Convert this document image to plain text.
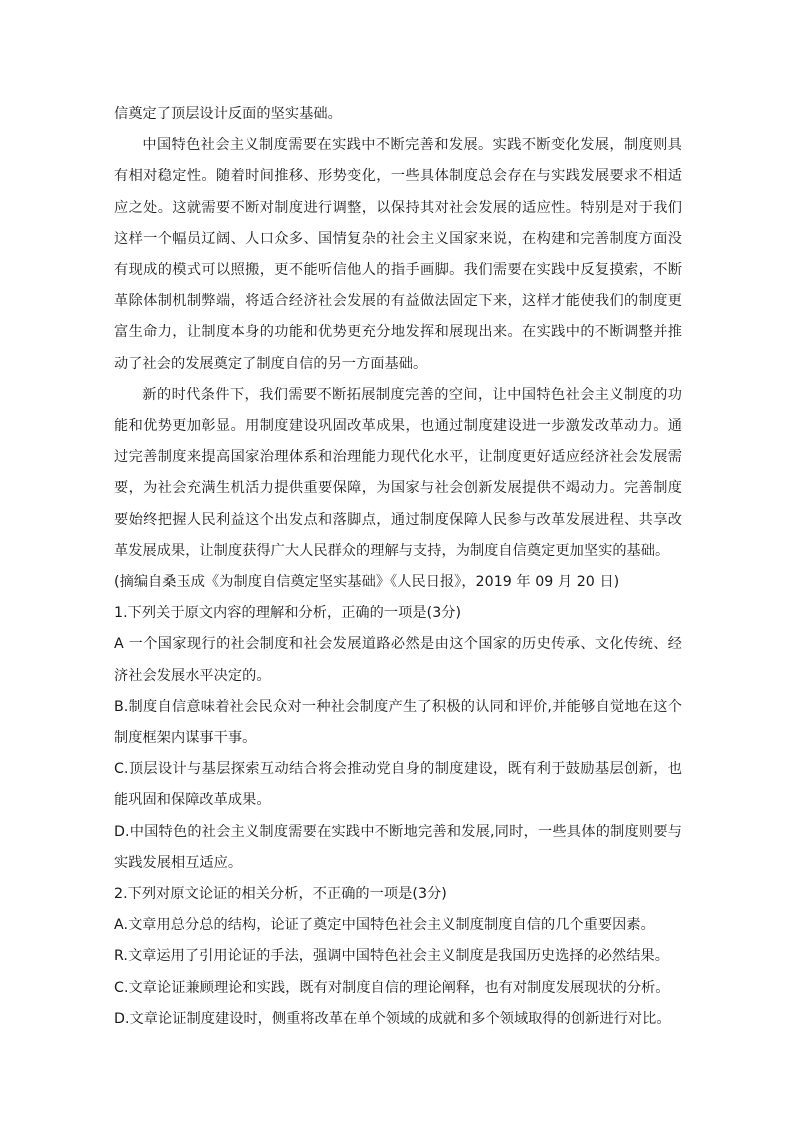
信奠定了顶层设计反面的坚实基础。

中国特色社会主义制度需要在实践中不断完善和发展。实践不断变化发展，制度则具有相对稳定性。随着时间推移、形势变化，一些具体制度总会存在与实践发展要求不相适应之处。这就需要不断对制度进行调整，以保持其对社会发展的适应性。特别是对于我们这样一个幅员辽阔、人口众多、国情复杂的社会主义国家来说，在构建和完善制度方面没有现成的模式可以照搬，更不能听信他人的指手画脚。我们需要在实践中反复摸索，不断革除体制机制弊端，将适合经济社会发展的有益做法固定下来，这样才能使我们的制度更富生命力，让制度本身的功能和优势更充分地发挥和展现出来。在实践中的不断调整并推动了社会的发展奠定了制度自信的另一方面基础。

新的时代条件下，我们需要不断拓展制度完善的空间，让中国特色社会主义制度的功能和优势更加彰显。用制度建设巩固改革成果，也通过制度建设进一步激发改革动力。通过完善制度来提高国家治理体系和治理能力现代化水平，让制度更好适应经济社会发展需要，为社会充满生机活力提供重要保障，为国家与社会创新发展提供不竭动力。完善制度要始终把握人民利益这个出发点和落脚点，通过制度保障人民参与改革发展进程、共享改革发展成果，让制度获得广大人民群众的理解与支持，为制度自信奠定更加坚实的基础。

(摘编自桑玉成《为制度自信奠定坚实基础》《人民日报》，2019 年 09 月 20 日)

1.下列关于原文内容的理解和分析，正确的一项是(3分)

A 一个国家现行的社会制度和社会发展道路必然是由这个国家的历史传承、文化传统、经济社会发展水平决定的。

B.制度自信意味着社会民众对一种社会制度产生了积极的认同和评价,并能够自觉地在这个制度框架内谋事干事。

C.顶层设计与基层探索互动结合将会推动党自身的制度建设，既有利于鼓励基层创新，也能巩固和保障改革成果。

D.中国特色的社会主义制度需要在实践中不断地完善和发展,同时，一些具体的制度则要与实践发展相互适应。

2.下列对原文论证的相关分析，不正确的一项是(3分)

A.文章用总分总的结构，论证了奠定中国特色社会主义制度制度自信的几个重要因素。

R.文章运用了引用论证的手法，强调中国特色社会主义制度是我国历史选择的必然结果。

C.文章论证兼顾理论和实践，既有对制度自信的理论阐释，也有对制度发展现状的分析。

D.文章论证制度建设时，侧重将改革在单个领域的成就和多个领域取得的创新进行对比。
